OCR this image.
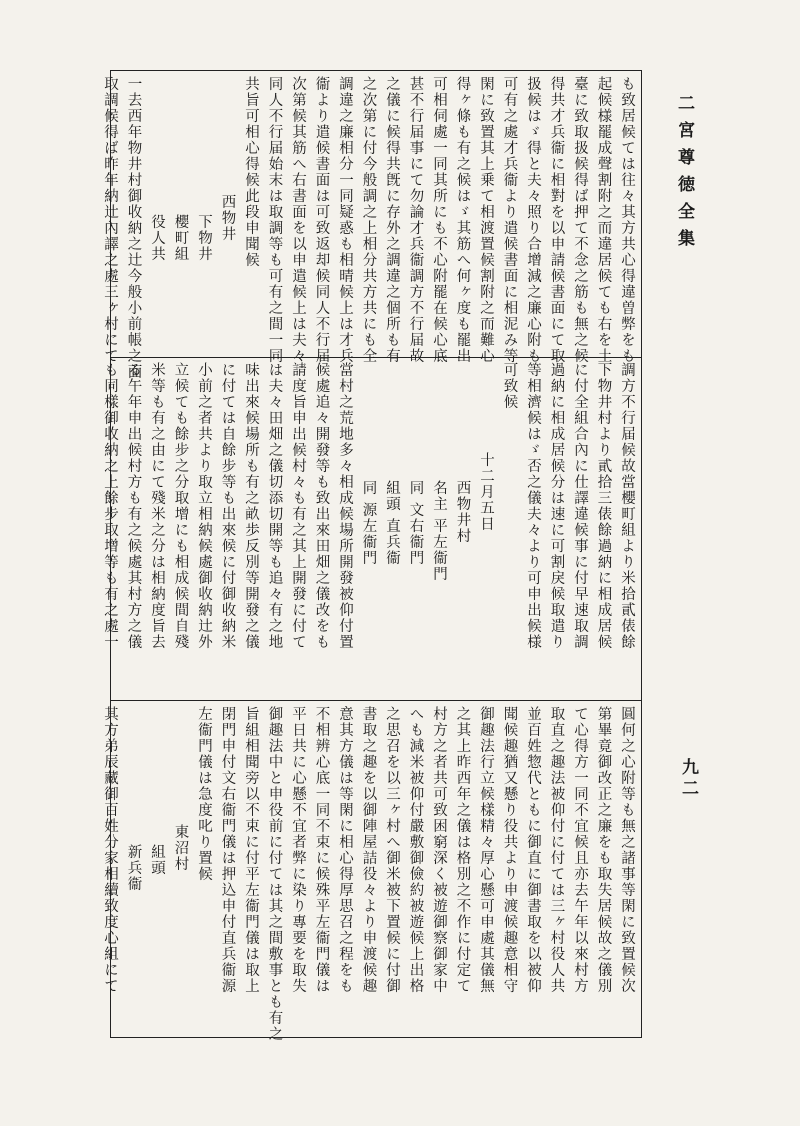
二宮尊徳全集
九二
も致居候ては往々其方共心得違曽弊をも
起候様罷成聲割附之而違居候ても右を土
臺に致取扱候得ば押て不念之筋も無之候
得共才兵衞に相對を以申請候書面にて取
扱候はゞ得と夫々照り合增減之廉心附も
可有之處才兵衞より遣候書面に相泥み等
閑に致置其上乗て相渡置候割附之而難心
得ヶ條も有之候はゞ其筋へ何ヶ度も罷出
可相伺處一同其所にも不心附罷在候心底
甚不行届事にて勿論才兵衞調方不行届故
之儀に候得共旣に存外之調違之個所も有
之次第に付今般調之上相分共方共にも全
調違之廉相分一同疑惑も相晴候上は才兵
衞より遣候書面は可致返却候同人不行届
次第候其筋へ右書面を以申遣候上は夫々
同人不行届始末は取調等も可有之間一同
共旨可相心得候此段申聞候
西物井
下物井
櫻町組
役人共
一去西年物井村御收納之辻今般小前帳之面
取調候得ば昨年納辻內譯之處三ヶ村にて
調方不行届候故當櫻町組より米拾貳俵餘
下物井村より貳拾三俵餘過納に相成居候
に付全組合內に仕譯違候事に付早速取調
過納に相成居候分は速に可割戾候取遣り
等相濟候はゞ否之儀夫々より可申出候様
可致候
十二月五日
西物井村
名主 平左衞門
同 文右衞門
組頭 直兵衞
同 源左衞門
當村之荒地多々相成候場所開發被仰付置
候處追々開發等も致出來田畑之儀改をも
請度旨申出候村々も有之其上開發に付て
は夫々田畑之儀切添切開等も追々有之地
味出來候場所も有之畝歩反別等開發之儀
に付ては自餘步等も出來候に付御收納米
小前之者共より取立相納候處御收納辻外
立候ても餘步之分取增にも相成候間自殘
米等も有之由にて殘米之分は相納度旨去
る午年申出候村方も有之候處其村方之儀
も同樣御收納之上餘步取增等も有之處一
圓何之心附等も無之諸事等閑に致置候次
第畢竟御改正之廉をも取失居候故之儀別
て心得方一同不宜候且亦去午年以來村方
取直之趣法被仰付に付ては三ヶ村役人共
並百姓惣代ともに御直に御書取を以被仰
聞候趣猶又懸り役共より申渡候趣意相守
御趣法行立候樣精々厚心懸可申處其儀無
之其上昨西年之儀は格別之不作に付定て
村方之者共可致困窮深く被遊御察御家中
へも減米被仰付嚴敷御儉約被遊候上出格
之思召を以三ヶ村へ御米被下置候に付御
書取之趣を以御陣屋詰役々より申渡候趣
意其方儀は等閑に相心得厚思召之程をも
不相辨心底一同不束に候殊平左衞門儀は
平日共に心懸不宜者弊に染り專要を取失
御趣法中と申役前に付ては其之間敷事とも有之
旨組相聞旁以不束に付平左衞門儀は取上
閉門申付文右衞門儀は押込申付直兵衞源
左衞門儀は急度叱り置候
東沼村
組頭
新兵衞
其方弟辰藏御百姓分家相續致度心組にて
